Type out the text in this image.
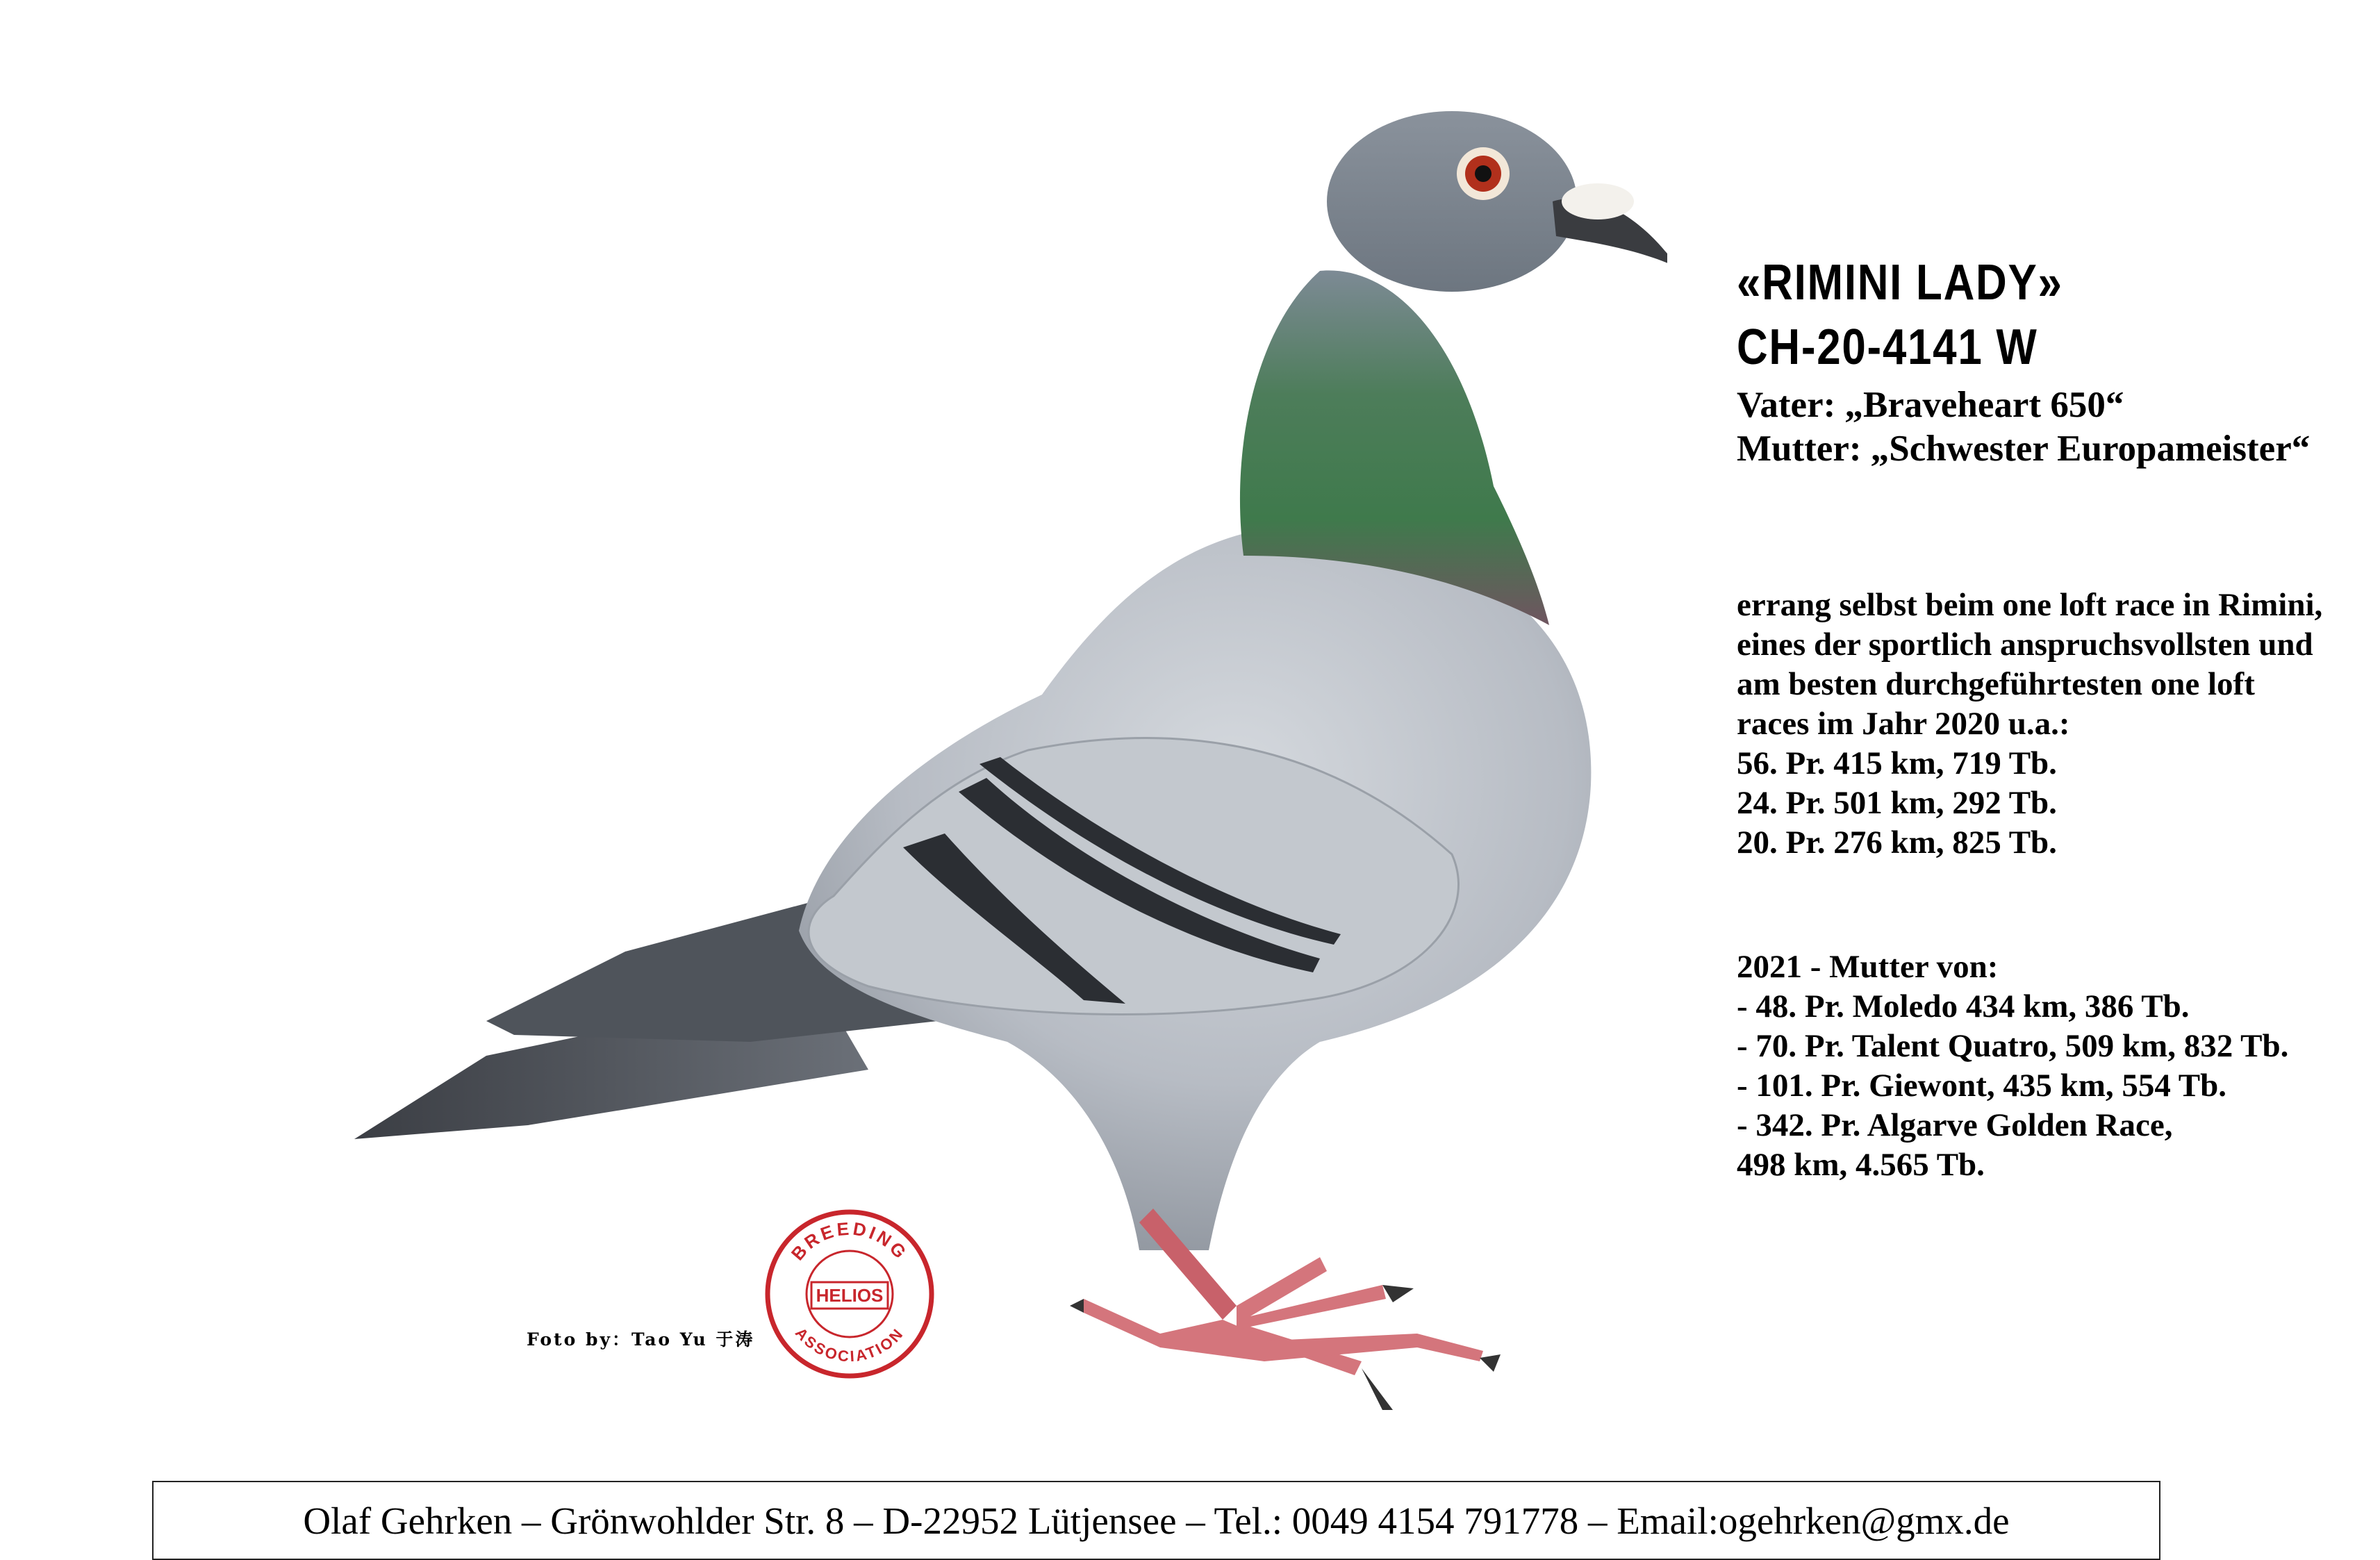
«RIMINI LADY»
CH-20-4141 W
Vater: „Braveheart 650“
Mutter: „Schwester Europameister“
errang selbst beim one loft race in Rimini,
eines der sportlich anspruchsvollsten und
am besten durchgeführtesten one loft
races im Jahr 2020 u.a.:
56. Pr. 415 km, 719 Tb.
24. Pr. 501 km, 292 Tb.
20. Pr. 276 km, 825 Tb.
2021 - Mutter von:
- 48. Pr. Moledo 434 km, 386 Tb.
- 70. Pr. Talent Quatro, 509 km, 832 Tb.
- 101. Pr. Giewont, 435 km, 554 Tb.
- 342. Pr. Algarve Golden Race,
498 km, 4.565 Tb.
Foto by：Tao Yu 于涛
BREEDING
ASSOCIATION
HELIOS
Olaf Gehrken – Grönwohlder Str. 8 – D-22952 Lütjensee – Tel.: 0049 4154 791778 – Email:ogehrken@gmx.de
